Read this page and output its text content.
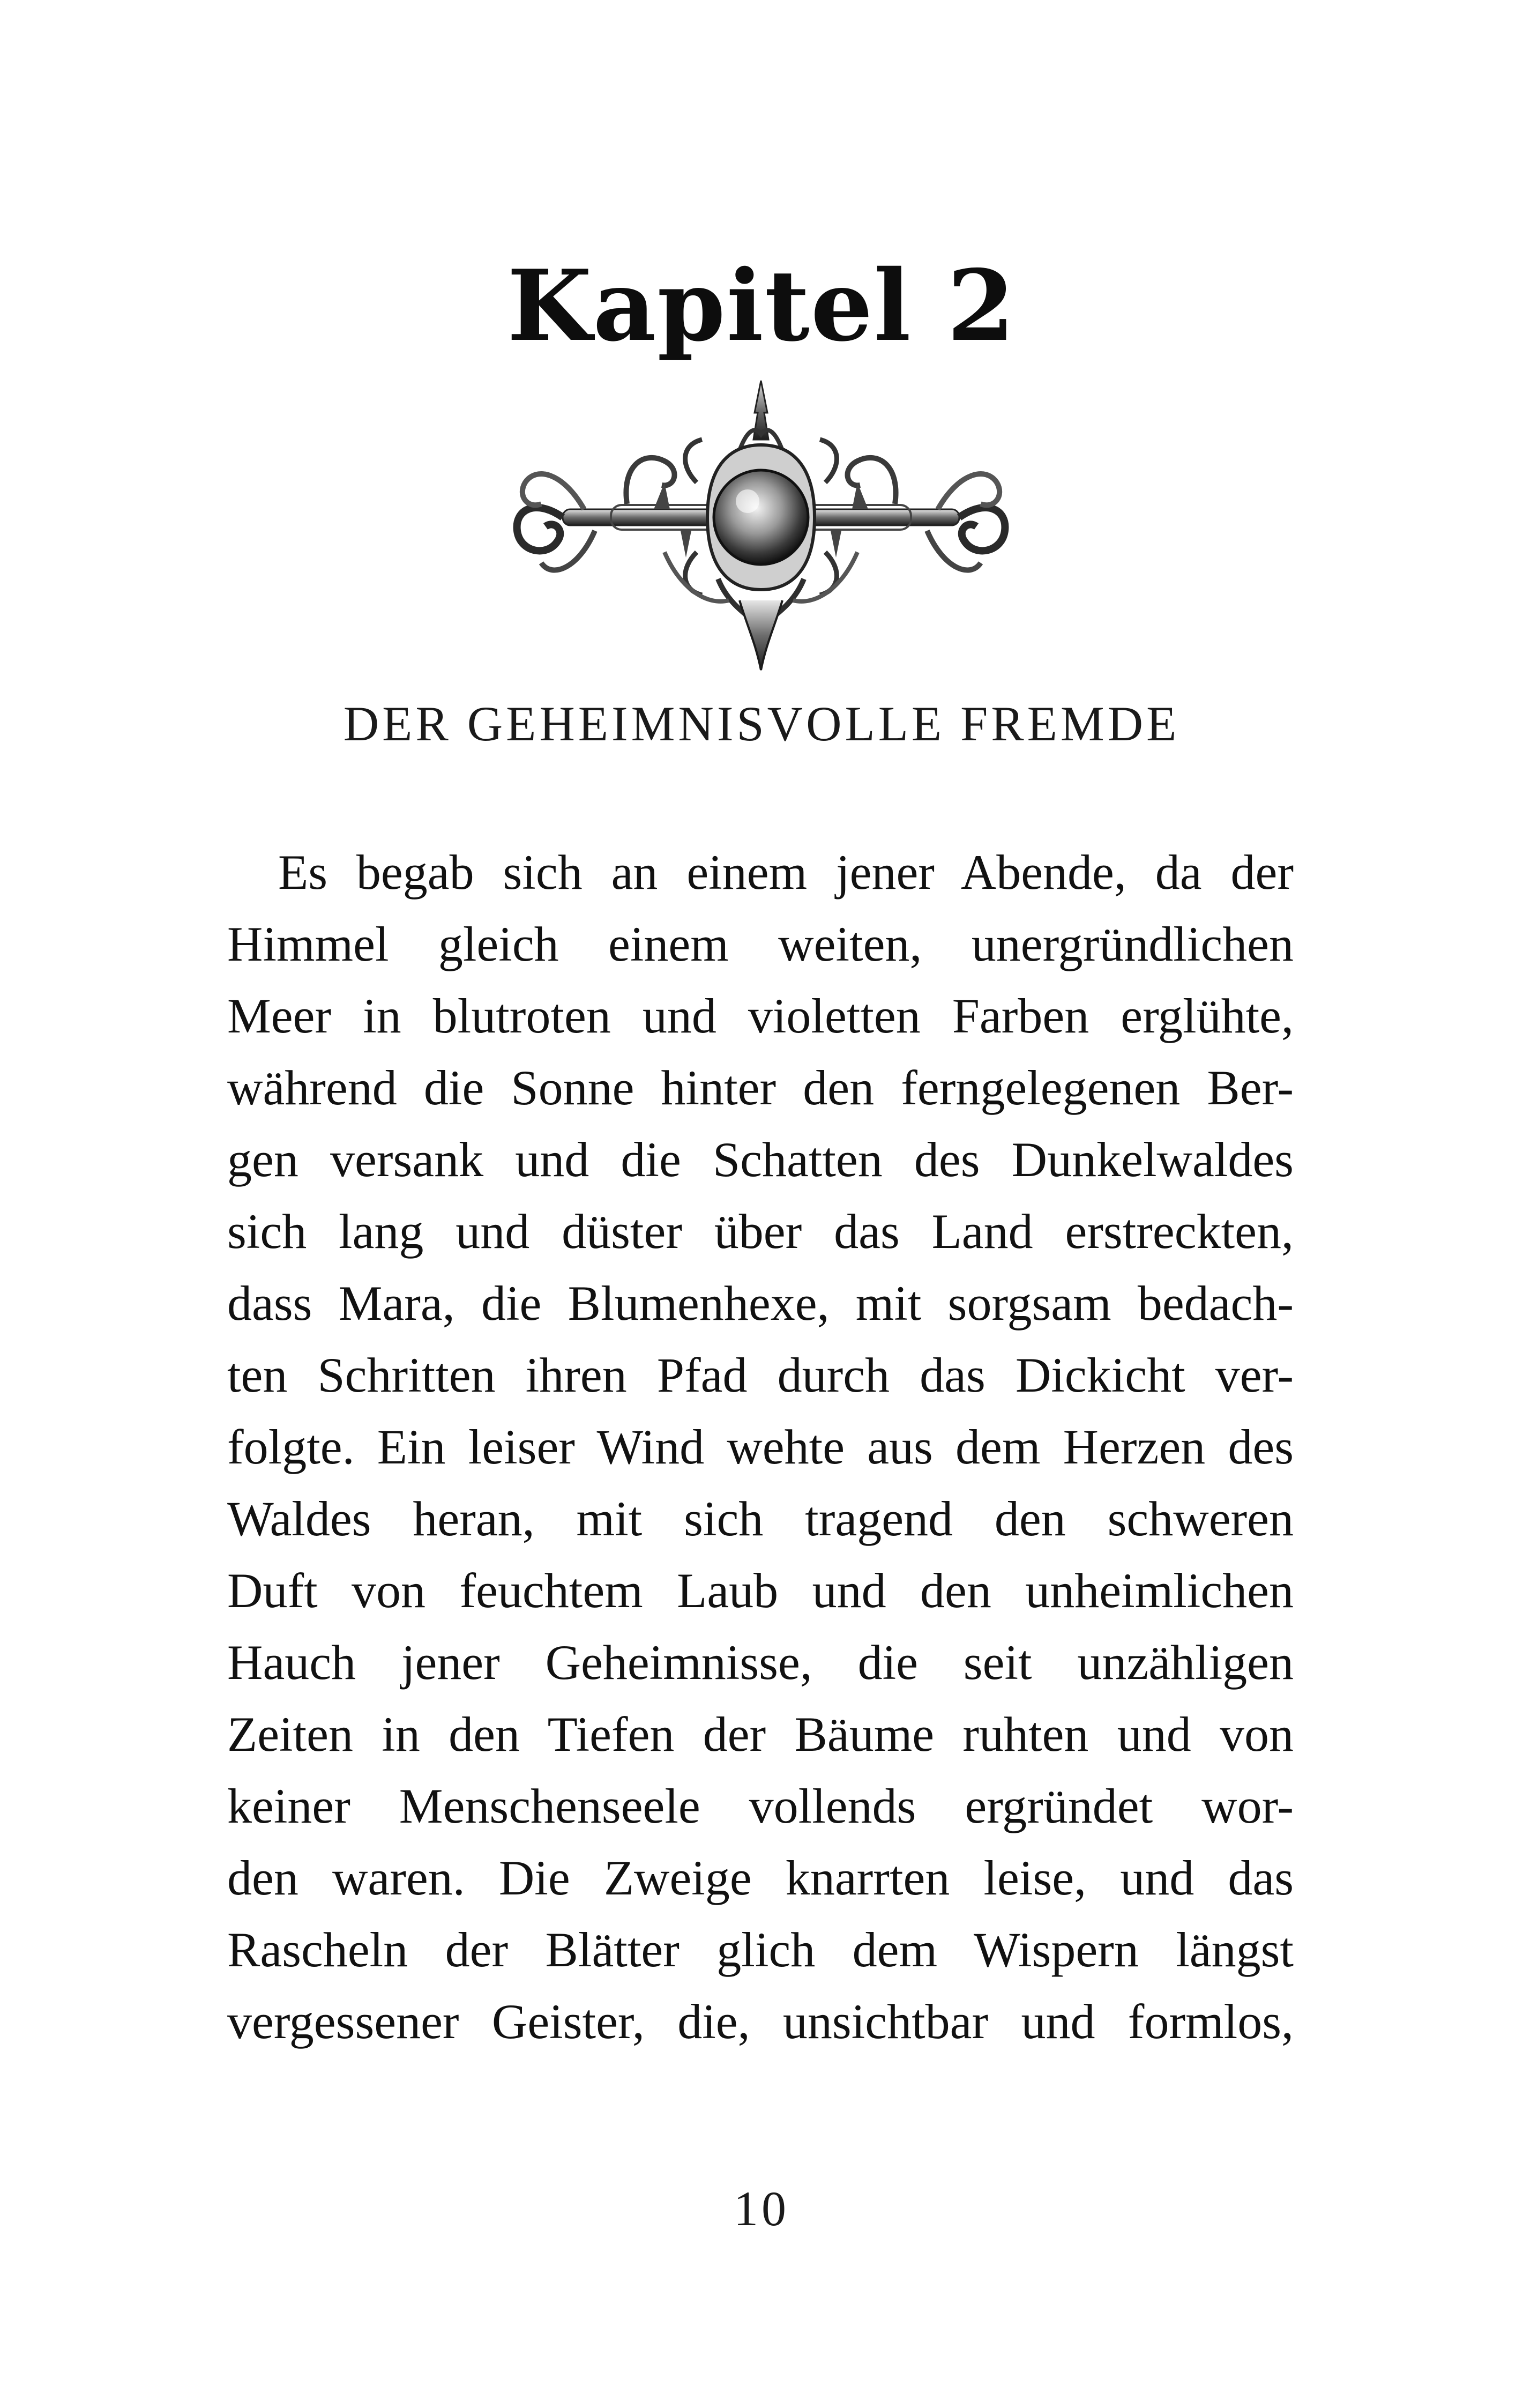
Kapitel 2
DER GEHEIMNISVOLLE FREMDE
Es begab sich an einem jener Abende, da der
Himmel gleich einem weiten, unergründlichen
Meer in blutroten und violetten Farben erglühte,
während die Sonne hinter den ferngelegenen Ber-
gen versank und die Schatten des Dunkelwaldes
sich lang und düster über das Land erstreckten,
dass Mara, die Blumenhexe, mit sorgsam bedach-
ten Schritten ihren Pfad durch das Dickicht ver-
folgte. Ein leiser Wind wehte aus dem Herzen des
Waldes heran, mit sich tragend den schweren
Duft von feuchtem Laub und den unheimlichen
Hauch jener Geheimnisse, die seit unzähligen
Zeiten in den Tiefen der Bäume ruhten und von
keiner Menschenseele vollends ergründet wor-
den waren. Die Zweige knarrten leise, und das
Rascheln der Blätter glich dem Wispern längst
vergessener Geister, die, unsichtbar und formlos,
10
